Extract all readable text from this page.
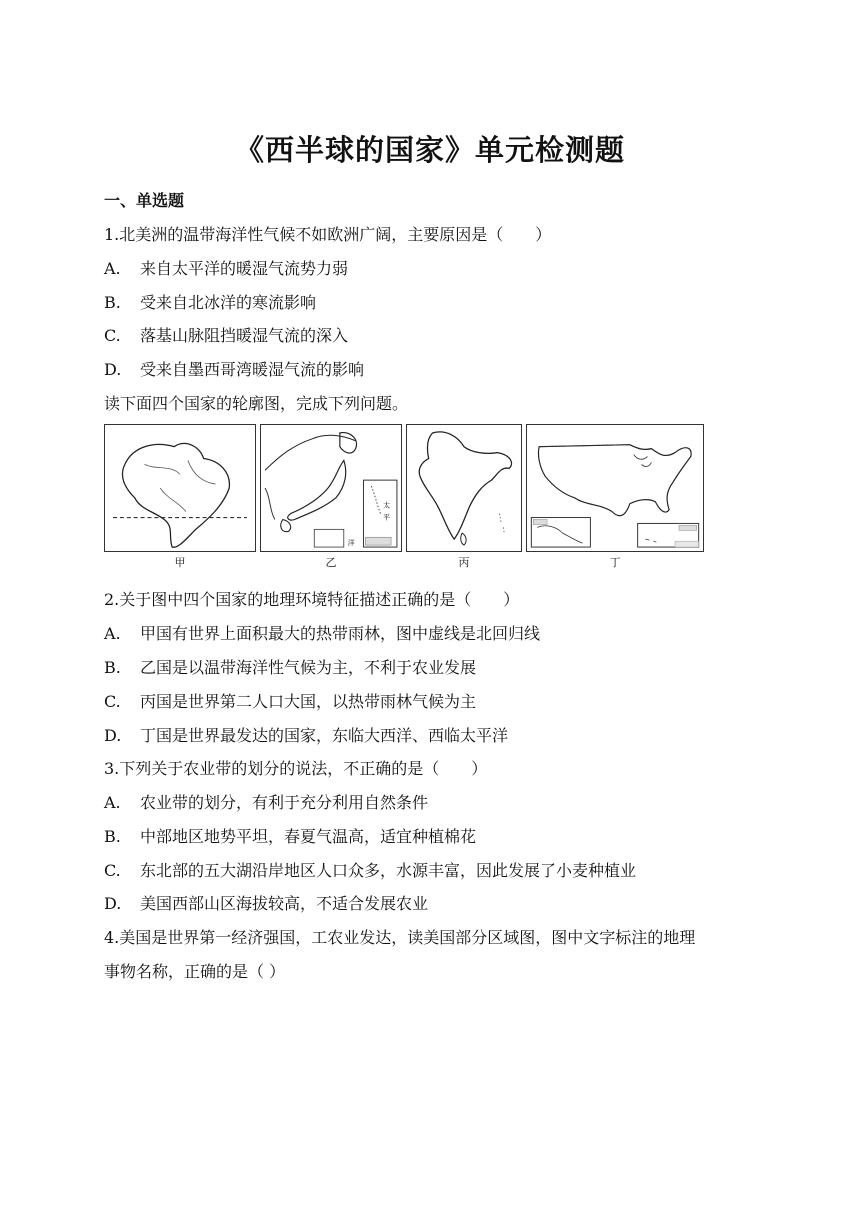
《西半球的国家》单元检测题
一、单选题
1.北美洲的温带海洋性气候不如欧洲广阔，主要原因是（　　）
A. 来自太平洋的暖湿气流势力弱
B. 受来自北冰洋的寒流影响
C. 落基山脉阻挡暖湿气流的深入
D. 受来自墨西哥湾暖湿气流的影响
读下面四个国家的轮廓图，完成下列问题。
甲
太
平
洋
乙	丙	丁
2.关于图中四个国家的地理环境特征描述正确的是（　　）
A. 甲国有世界上面积最大的热带雨林，图中虚线是北回归线
B. 乙国是以温带海洋性气候为主，不利于农业发展
C. 丙国是世界第二人口大国，以热带雨林气候为主
D. 丁国是世界最发达的国家，东临大西洋、西临太平洋
3.下列关于农业带的划分的说法，不正确的是（　　）
A. 农业带的划分，有利于充分利用自然条件
B. 中部地区地势平坦，春夏气温高，适宜种植棉花
C. 东北部的五大湖沿岸地区人口众多，水源丰富，因此发展了小麦种植业
D. 美国西部山区海拔较高，不适合发展农业
4.美国是世界第一经济强国，工农业发达，读美国部分区域图，图中文字标注的地理
事物名称，正确的是（ ）
